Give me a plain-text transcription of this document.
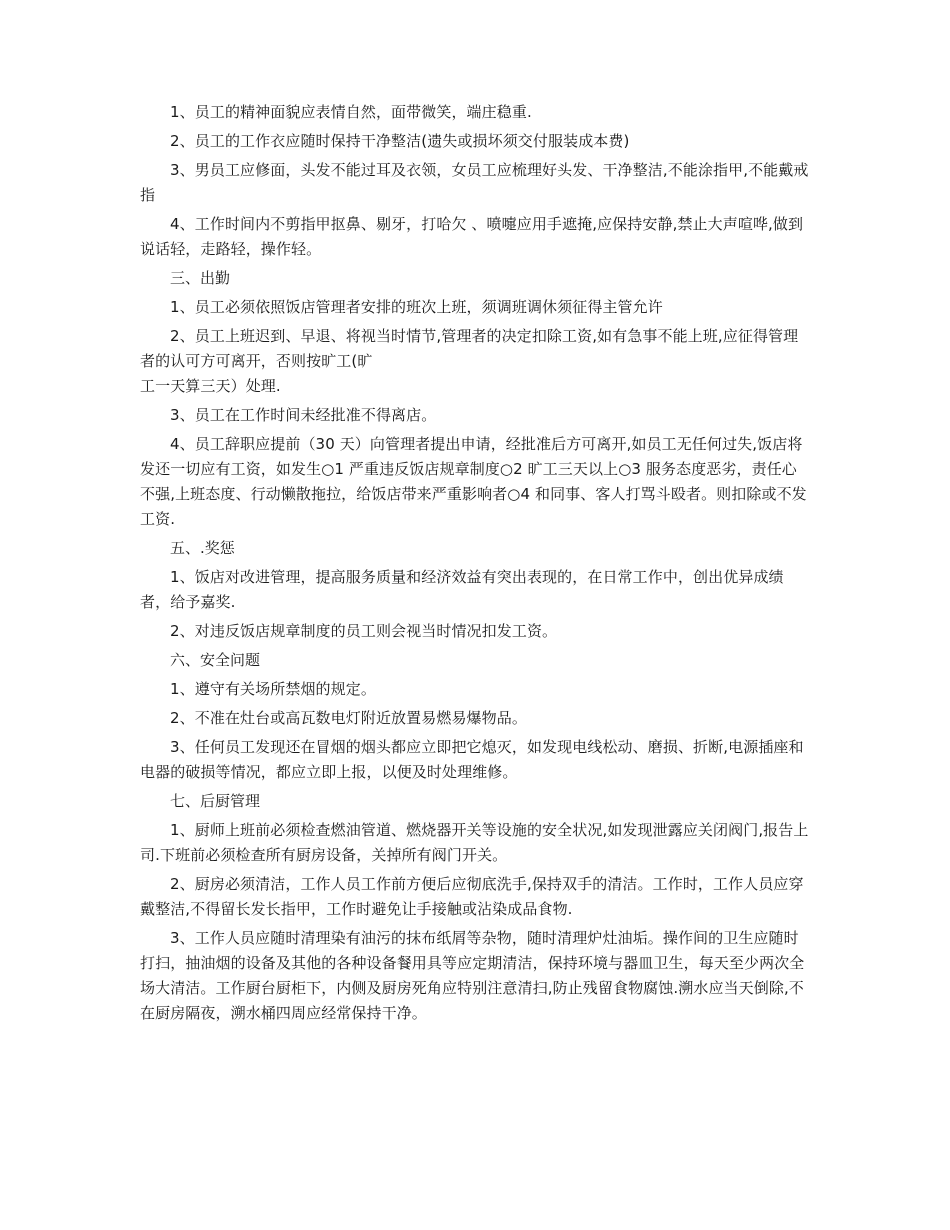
1、员工的精神面貌应表情自然，面带微笑，端庄稳重.

2、员工的工作衣应随时保持干净整洁(遗失或损坏须交付服装成本费)

3、男员工应修面，头发不能过耳及衣领，女员工应梳理好头发、干净整洁,不能涂指甲,不能戴戒指

4、工作时间内不剪指甲抠鼻、剔牙，打哈欠 、喷嚏应用手遮掩,应保持安静,禁止大声喧哗,做到说话轻，走路轻，操作轻。

三、出勤

1、员工必须依照饭店管理者安排的班次上班，须调班调休须征得主管允许

2、员工上班迟到、早退、将视当时情节,管理者的决定扣除工资,如有急事不能上班,应征得管理者的认可方可离开，否则按旷工(旷

工一天算三天）处理.

3、员工在工作时间未经批准不得离店。

4、员工辞职应提前（30 天）向管理者提出申请，经批准后方可离开,如员工无任何过失,饭店将发还一切应有工资，如发生○1 严重违反饭店规章制度○2 旷工三天以上○3 服务态度恶劣，责任心不强,上班态度、行动懒散拖拉，给饭店带来严重影响者○4 和同事、客人打骂斗殴者。则扣除或不发工资.

五、.奖惩

1、饭店对改进管理，提高服务质量和经济效益有突出表现的，在日常工作中，创出优异成绩者，给予嘉奖.

2、对违反饭店规章制度的员工则会视当时情况扣发工资。

六、安全问题

1、遵守有关场所禁烟的规定。

2、不准在灶台或高瓦数电灯附近放置易燃易爆物品。

3、任何员工发现还在冒烟的烟头都应立即把它熄灭，如发现电线松动、磨损、折断,电源插座和电器的破损等情况，都应立即上报，以便及时处理维修。

七、后厨管理

1、厨师上班前必须检查燃油管道、燃烧器开关等设施的安全状况,如发现泄露应关闭阀门,报告上司.下班前必须检查所有厨房设备，关掉所有阀门开关。

2、厨房必须清洁，工作人员工作前方便后应彻底洗手,保持双手的清洁。工作时，工作人员应穿戴整洁,不得留长发长指甲，工作时避免让手接触或沾染成品食物.

3、工作人员应随时清理染有油污的抹布纸屑等杂物，随时清理炉灶油垢。操作间的卫生应随时打扫，抽油烟的设备及其他的各种设备餐用具等应定期清洁，保持环境与器皿卫生，每天至少两次全场大清洁。工作厨台厨柜下，内侧及厨房死角应特别注意清扫,防止残留食物腐蚀.溯水应当天倒除,不在厨房隔夜，溯水桶四周应经常保持干净。
